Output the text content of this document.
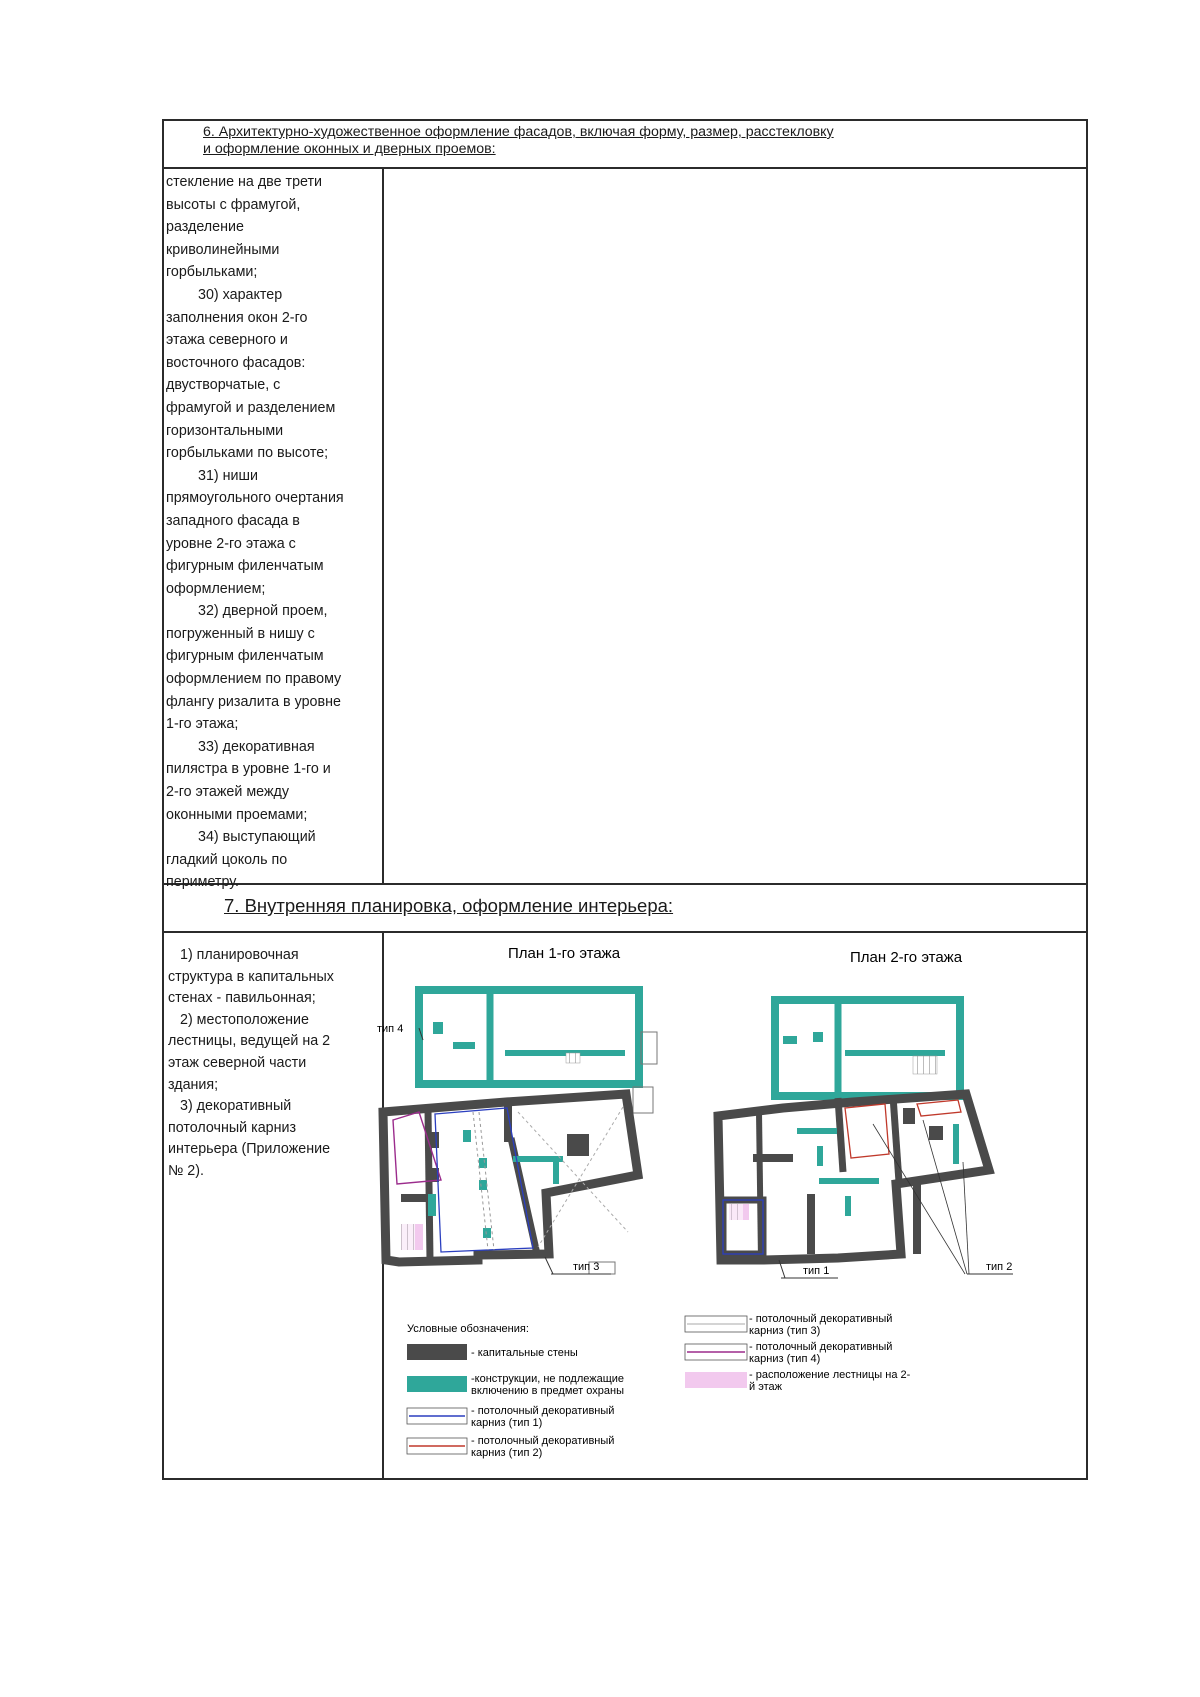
6. Архитектурно-художественное оформление фасадов, включая форму, размер, расстекловку
и оформление оконных и дверных проемов:
стекление на две трети
высоты с фрамугой,
разделение
криволинейными
горбыльками;
30) характер
заполнения окон 2-го
этажа северного и
восточного фасадов:
двустворчатые, с
фрамугой и разделением
горизонтальными
горбыльками по высоте;
31) ниши
прямоугольного очертания
западного фасада в
уровне 2-го этажа с
фигурным филенчатым
оформлением;
32) дверной проем,
погруженный в нишу с
фигурным филенчатым
оформлением по правому
флангу ризалита в уровне
1-го этажа;
33) декоративная
пилястра в уровне 1-го и
2-го этажей между
оконными проемами;
34) выступающий
гладкий цоколь по
периметру.
7. Внутренняя планировка, оформление интерьера:
1) планировочная
структура в капитальных
стенах - павильонная;
2) местоположение
лестницы, ведущей на 2
этаж северной части
здания;
3) декоративный
потолочный карниз
интерьера (Приложение
№ 2).
План 1-го этажа	План 2-го этажа
тип 4
тип 3	тип 1	тип 2
Условные обозначения:
- капитальные стены
-конструкции, не подлежащие
включению в предмет охраны
- потолочный декоративный
карниз (тип 1)
- потолочный декоративный
карниз (тип 2)
- потолочный декоративный
карниз (тип 3)
- потолочный декоративный
карниз (тип 4)
- расположение лестницы на 2-
й этаж
